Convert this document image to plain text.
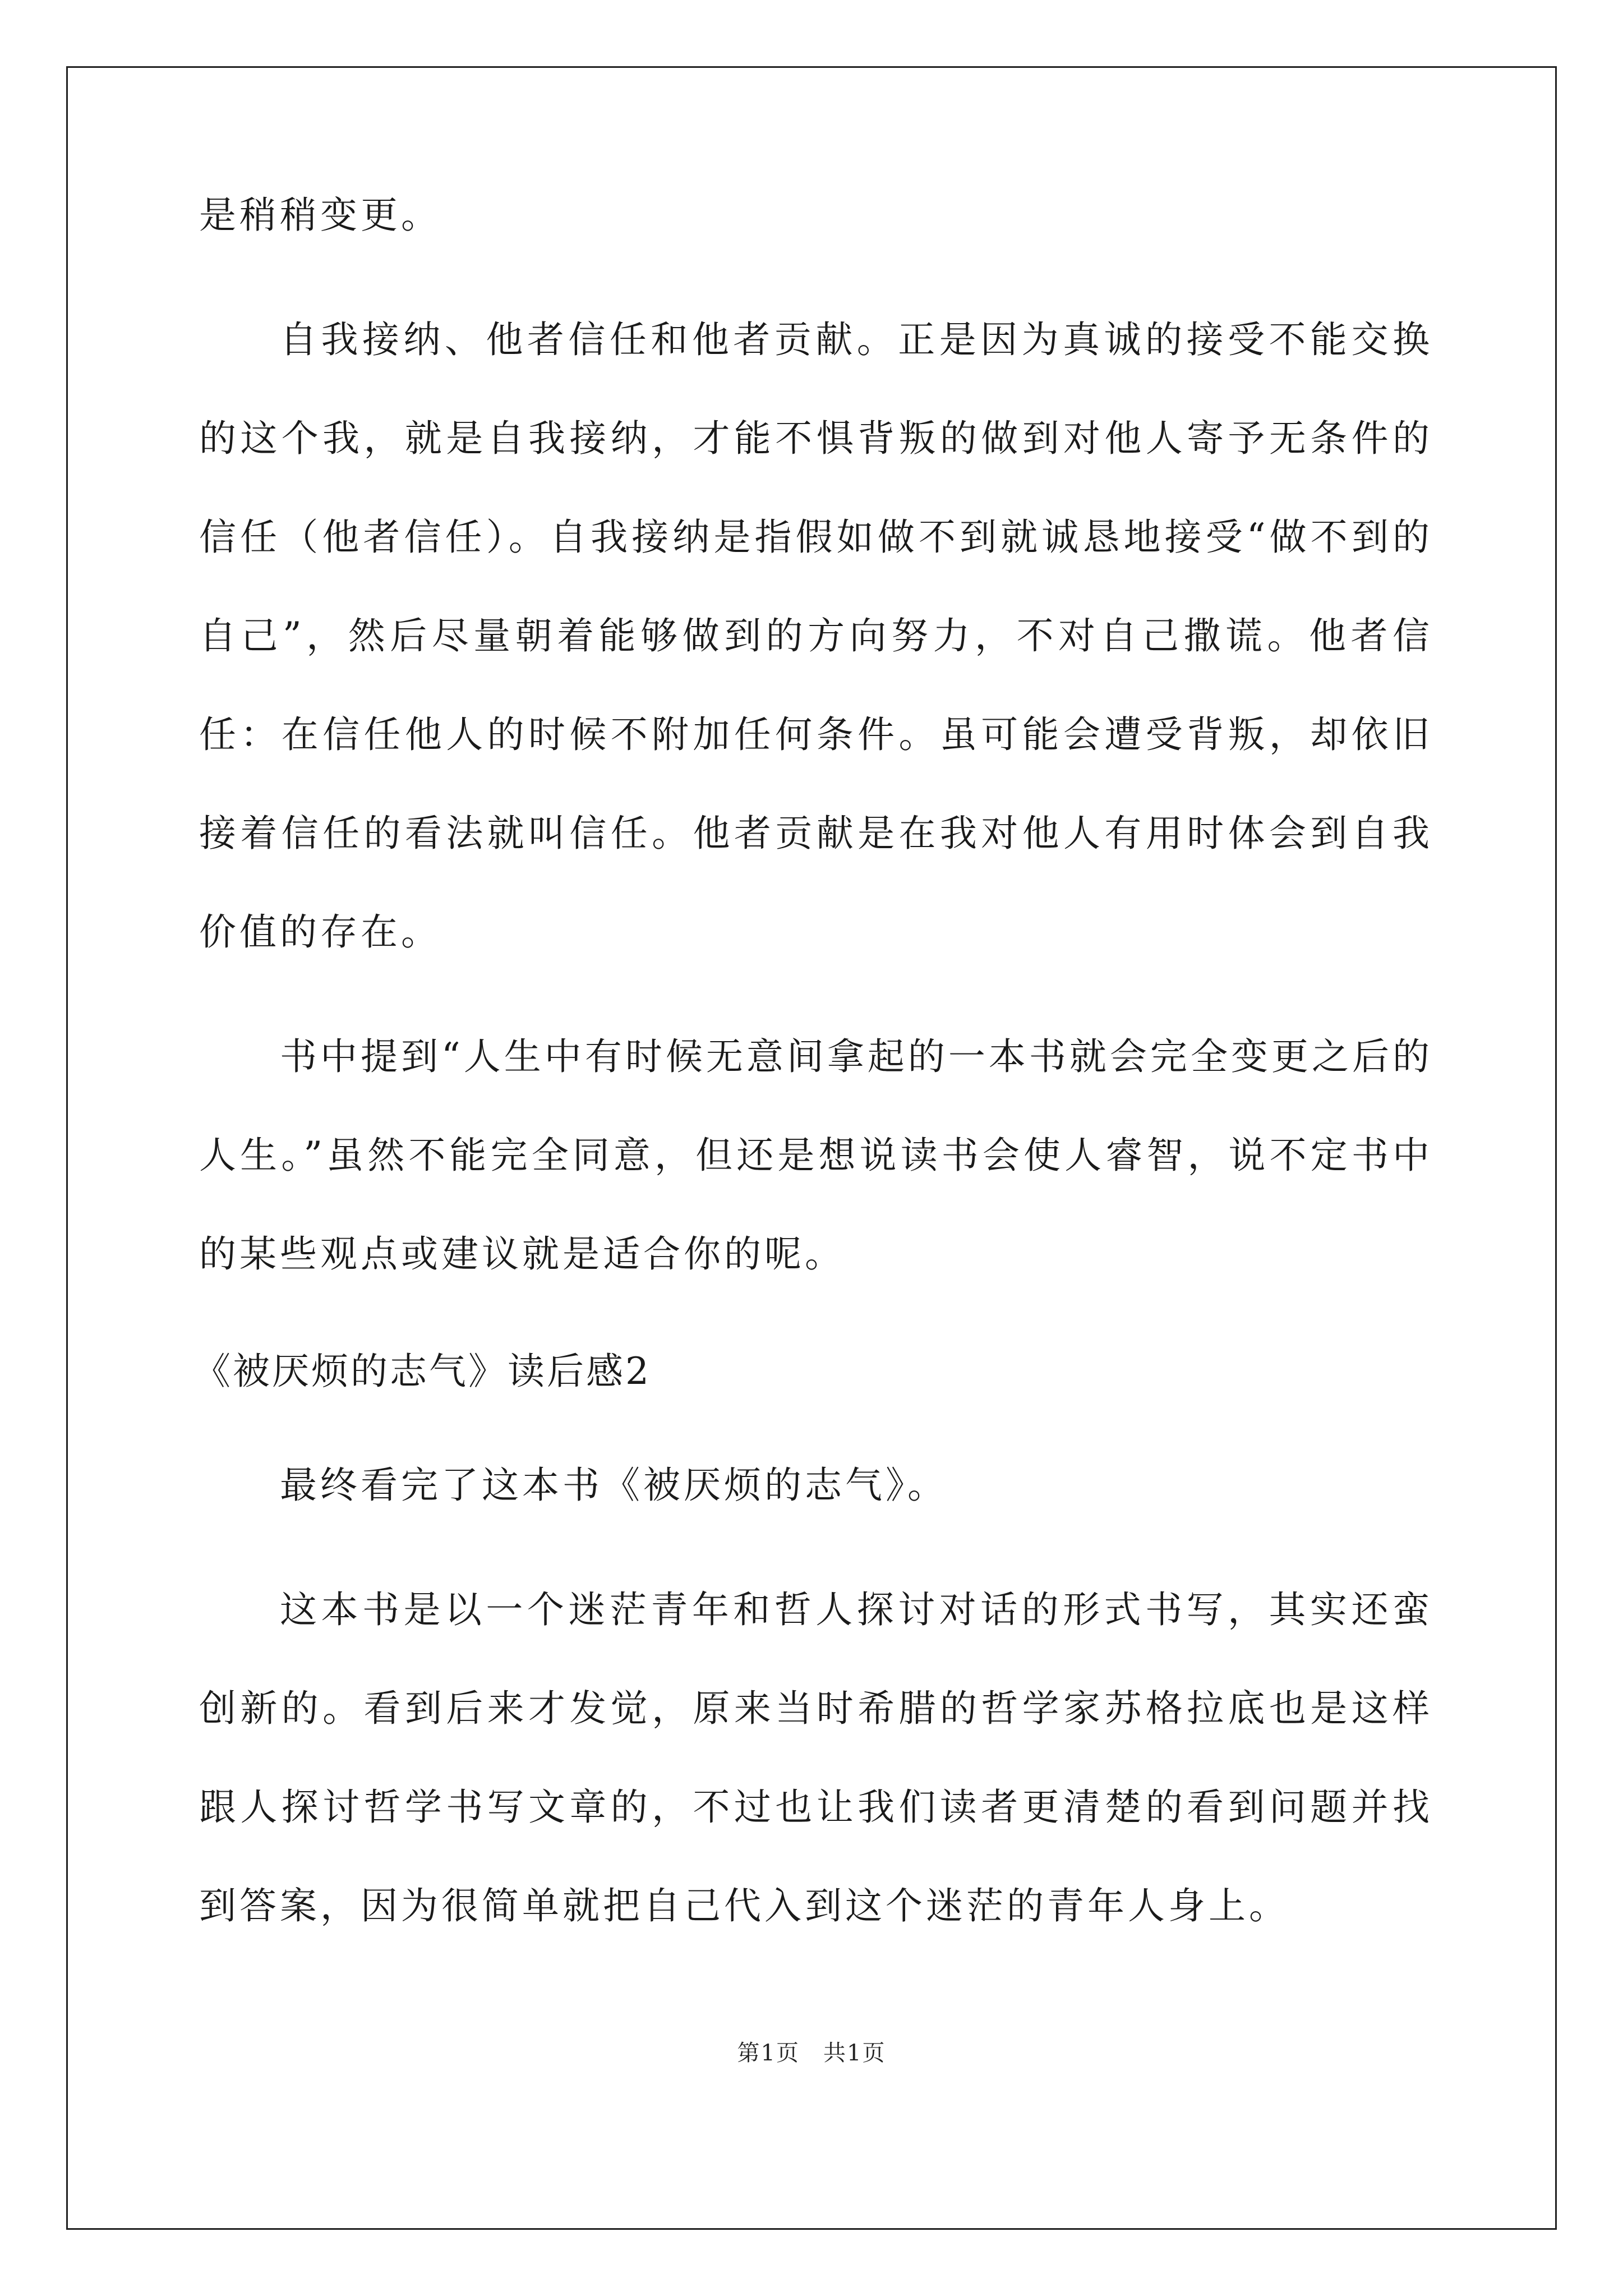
是稍稍变更。

自我接纳、他者信任和他者贡献。正是因为真诚的接受不能交换的这个我，就是自我接纳，才能不惧背叛的做到对他人寄予无条件的信任（他者信任）。自我接纳是指假如做不到就诚恳地接受“做不到的自己”，然后尽量朝着能够做到的方向努力，不对自己撒谎。他者信任：在信任他人的时候不附加任何条件。虽可能会遭受背叛，却依旧接着信任的看法就叫信任。他者贡献是在我对他人有用时体会到自我价值的存在。

书中提到“人生中有时候无意间拿起的一本书就会完全变更之后的人生。”虽然不能完全同意，但还是想说读书会使人睿智，说不定书中的某些观点或建议就是适合你的呢。

《被厌烦的志气》读后感2

最终看完了这本书《被厌烦的志气》。

这本书是以一个迷茫青年和哲人探讨对话的形式书写，其实还蛮创新的。看到后来才发觉，原来当时希腊的哲学家苏格拉底也是这样跟人探讨哲学书写文章的，不过也让我们读者更清楚的看到问题并找到答案，因为很简单就把自己代入到这个迷茫的青年人身上。

第1页　共1页
